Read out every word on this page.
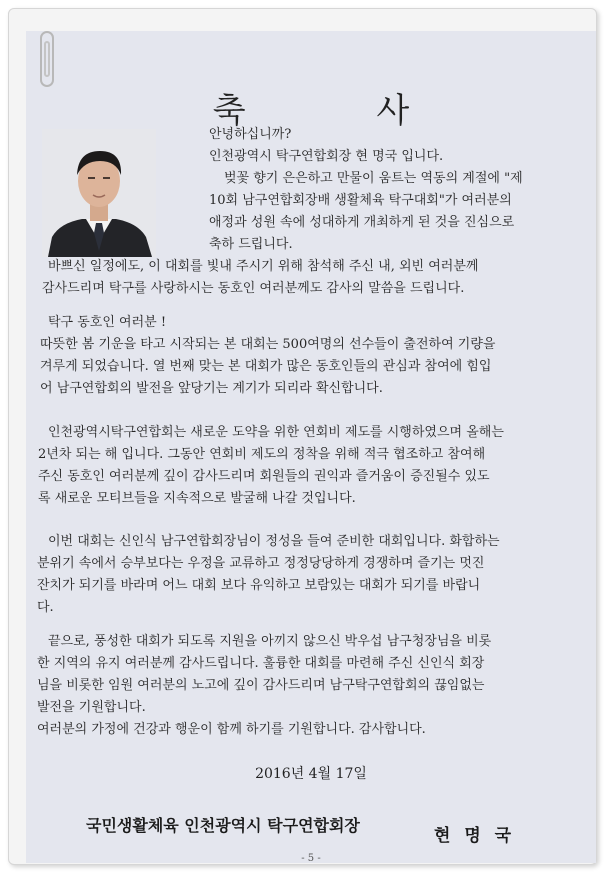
축 사
안녕하십니까?
인천광역시 탁구연합회장 현 명국 입니다.
벚꽃 향기 은은하고 만물이 움트는 역동의 계절에 "제
10회 남구연합회장배 생활체육 탁구대회"가 여러분의
애정과 성원 속에 성대하게 개최하게 된 것을 진심으로
축하 드립니다.
바쁘신 일정에도, 이 대회를 빛내 주시기 위해 참석해 주신 내, 외빈 여러분께
감사드리며 탁구를 사랑하시는 동호인 여러분께도 감사의 말씀을 드립니다.
탁구 동호인 여러분 !
따뜻한 봄 기운을 타고 시작되는 본 대회는 500여명의 선수들이 출전하여 기량을
겨루게 되었습니다. 열 번째 맞는 본 대회가 많은 동호인들의 관심과 참여에 힘입
어 남구연합회의 발전을 앞당기는 계기가 되리라 확신합니다.
인천광역시탁구연합회는 새로운 도약을 위한 연회비 제도를 시행하였으며 올해는
2년차 되는 해 입니다. 그동안 연회비 제도의 정착을 위해 적극 협조하고 참여해
주신 동호인 여러분께 깊이 감사드리며 회원들의 권익과 즐거움이 증진될수 있도
록 새로운 모티브들을 지속적으로 발굴해 나갈 것입니다.
이번 대회는 신인식 남구연합회장님이 정성을 들여 준비한 대회입니다. 화합하는
분위기 속에서 승부보다는 우정을 교류하고 정정당당하게 경쟁하며 즐기는 멋진
잔치가 되기를 바라며 어느 대회 보다 유익하고 보람있는 대회가 되기를 바랍니
다.
끝으로, 풍성한 대회가 되도록 지원을 아끼지 않으신 박우섭 남구청장님을 비롯
한 지역의 유지 여러분께 감사드립니다. 훌륭한 대회를 마련해 주신 신인식 회장
님을 비롯한 임원 여러분의 노고에 깊이 감사드리며 남구탁구연합회의 끊임없는
발전을 기원합니다.
여러분의 가정에 건강과 행운이 함께 하기를 기원합니다. 감사합니다.
2016년 4월 17일
국민생활체육 인천광역시 탁구연합회장
현 명 국
- 5 -
